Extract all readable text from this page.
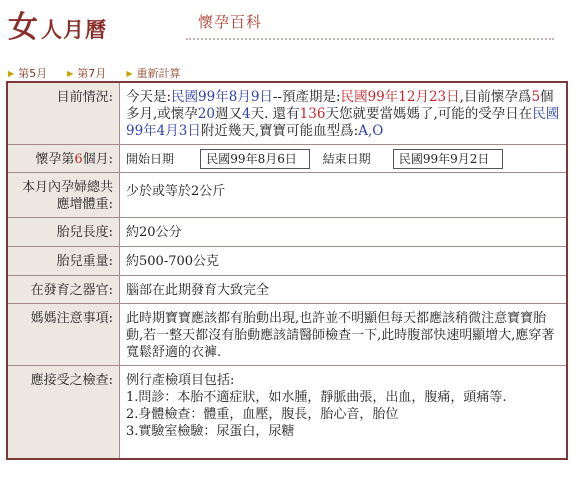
女 人月曆	懷孕百科
▶ 第5月	▶ 第7月	▶ 重新計算
目前情況:	今天是:民國99年8月9日--預產期是:民國99年12月23日,目前懷孕爲5個多月,或懷孕20週又4天. 還有136天您就要當媽媽了,可能的受孕日在民國99年4月3日附近幾天,寶寶可能血型爲:A,O
懷孕第6個月:	開始日期 民國99年8月6日 結束日期 民國99年9月2日
本月內孕婦總共應增體重:	少於或等於2公斤
胎兒長度:	約20公分
胎兒重量:	約500-700公克
在發育之器官:	腦部在此期發育大致完全
媽媽注意事項:	此時期寶寶應該都有胎動出現,也許並不明顯但每天都應該稍微注意寶寶胎動,若一整天都沒有胎動應該請醫師檢查一下,此時腹部快速明顯增大,應穿著寬鬆舒適的衣褲.
應接受之檢查:	例行產檢項目包括:
1.問診：本胎不適症狀，如水腫，靜脈曲張，出血，腹痛，頭痛等.
2.身體檢查：體重，血壓，腹長，胎心音，胎位
3.實驗室檢驗：尿蛋白，尿糖
